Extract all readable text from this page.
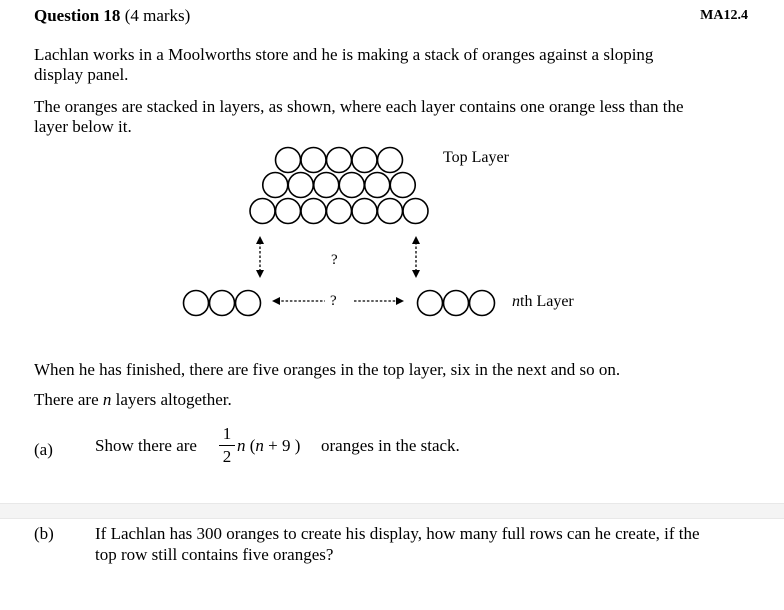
Question 18 (4 marks)	MA12.4
Lachlan works in a Moolworths store and he is making a stack of oranges against a sloping
display panel.
The oranges are stacked in layers, as shown, where each layer contains one orange less than the
layer below it.
Top Layer
?
?	nth Layer
When he has finished, there are five oranges in the top layer, six in the next and so on.
There are n layers altogether.
(a) Show there are
1
2
n (n + 9 ) oranges in the stack.
(b) If Lachlan has 300 oranges to create his display, how many full rows can he create, if the
top row still contains five oranges?
